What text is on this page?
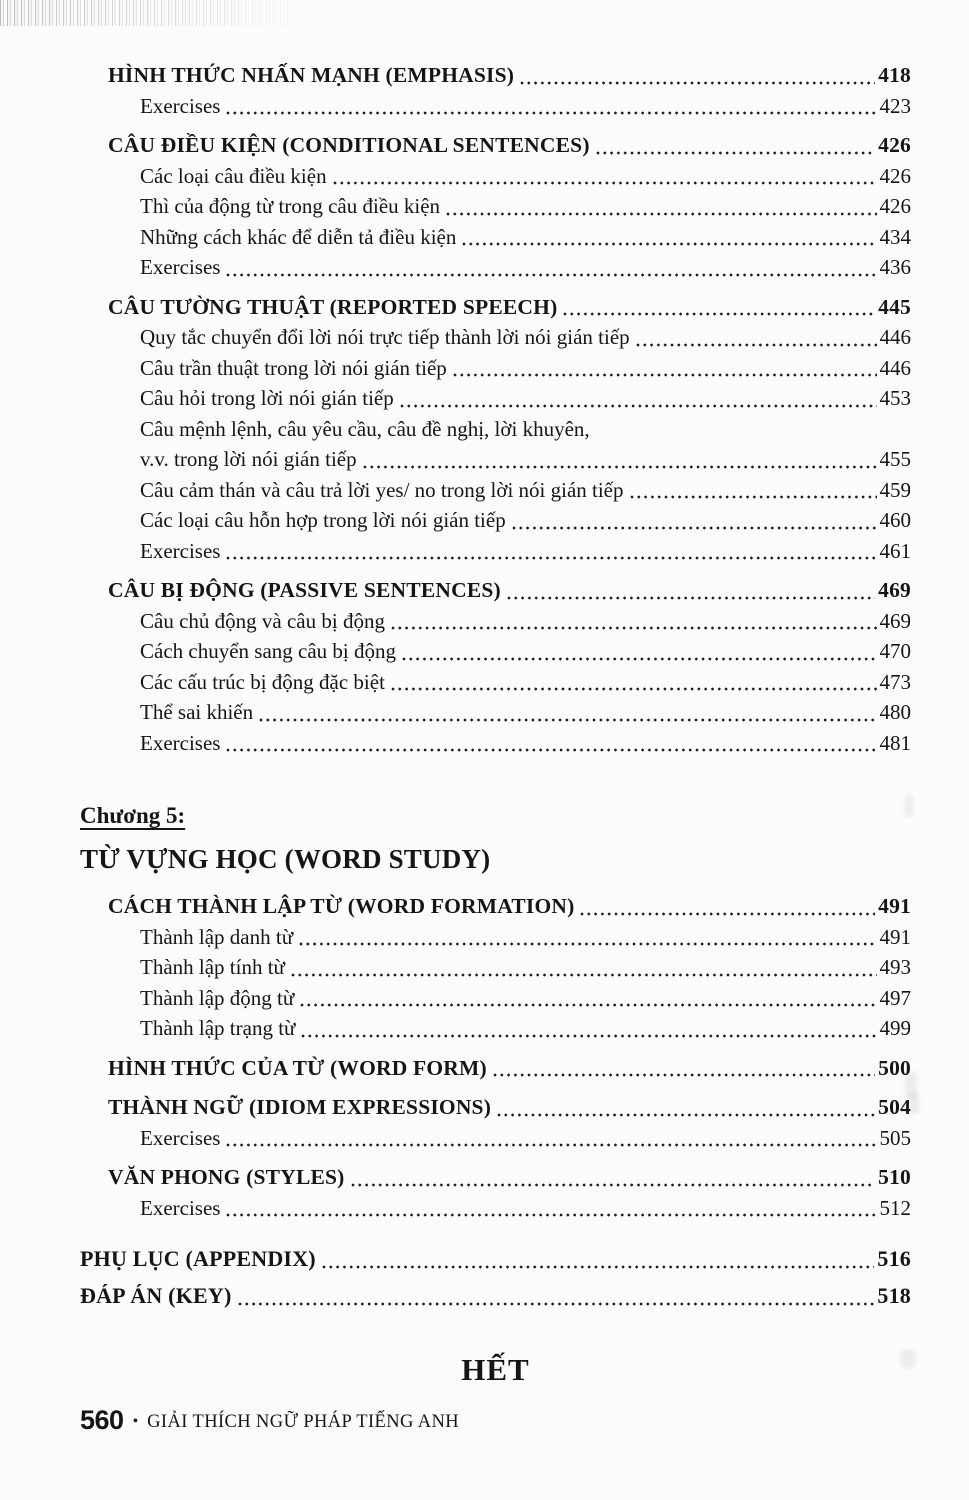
HÌNH THỨC NHẤN MẠNH (EMPHASIS)	418
Exercises	423
CÂU ĐIỀU KIỆN (CONDITIONAL SENTENCES)	426
Các loại câu điều kiện	426
Thì của động từ trong câu điều kiện	426
Những cách khác để diễn tả điều kiện	434
Exercises	436
CÂU TƯỜNG THUẬT (REPORTED SPEECH)	445
Quy tắc chuyển đổi lời nói trực tiếp thành lời nói gián tiếp	446
Câu trần thuật trong lời nói gián tiếp	446
Câu hỏi trong lời nói gián tiếp	453
Câu mệnh lệnh, câu yêu cầu, câu đề nghị, lời khuyên,
v.v. trong lời nói gián tiếp	455
Câu cảm thán và câu trả lời yes/ no trong lời nói gián tiếp	459
Các loại câu hỗn hợp trong lời nói gián tiếp	460
Exercises	461
CÂU BỊ ĐỘNG (PASSIVE SENTENCES)	469
Câu chủ động và câu bị động	469
Cách chuyển sang câu bị động	470
Các cấu trúc bị động đặc biệt	473
Thể sai khiến	480
Exercises	481
Chương 5:
TỪ VỰNG HỌC (WORD STUDY)
CÁCH THÀNH LẬP TỪ (WORD FORMATION)	491
Thành lập danh từ	491
Thành lập tính từ	493
Thành lập động từ	497
Thành lập trạng từ	499
HÌNH THỨC CỦA TỪ (WORD FORM)	500
THÀNH NGỮ (IDIOM EXPRESSIONS)	504
Exercises	505
VĂN PHONG (STYLES)	510
Exercises	512
PHỤ LỤC (APPENDIX)	516
ĐÁP ÁN (KEY)	518
HẾT
560 • GIẢI THÍCH NGỮ PHÁP TIẾNG ANH
